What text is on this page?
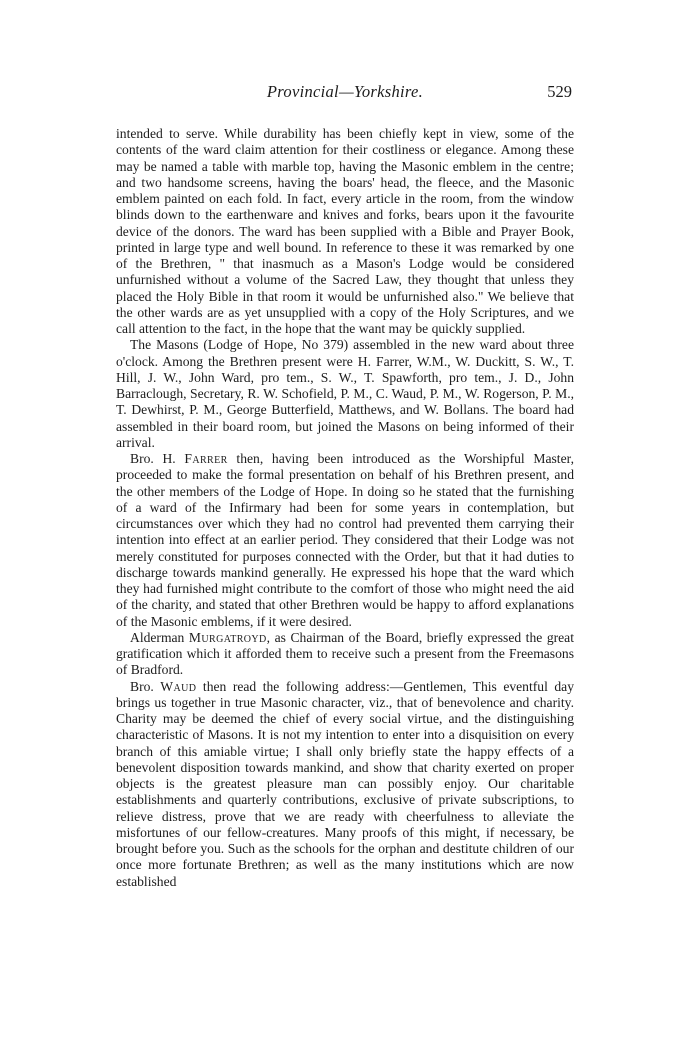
Provincial—Yorkshire.	529

intended to serve. While durability has been chiefly kept in view, some of the contents of the ward claim attention for their costliness or elegance. Among these may be named a table with marble top, having the Masonic emblem in the centre; and two handsome screens, having the boars' head, the fleece, and the Masonic emblem painted on each fold. In fact, every article in the room, from the window blinds down to the earthenware and knives and forks, bears upon it the favourite device of the donors. The ward has been supplied with a Bible and Prayer Book, printed in large type and well bound. In reference to these it was remarked by one of the Brethren, " that inasmuch as a Mason's Lodge would be considered unfurnished without a volume of the Sacred Law, they thought that unless they placed the Holy Bible in that room it would be unfurnished also." We believe that the other wards are as yet unsupplied with a copy of the Holy Scriptures, and we call attention to the fact, in the hope that the want may be quickly supplied.

The Masons (Lodge of Hope, No 379) assembled in the new ward about three o'clock. Among the Brethren present were H. Farrer, W.M., W. Duckitt, S. W., T. Hill, J. W., John Ward, pro tem., S. W., T. Spawforth, pro tem., J. D., John Barraclough, Secretary, R. W. Schofield, P. M., C. Waud, P. M., W. Rogerson, P. M., T. Dewhirst, P. M., George Butterfield, Matthews, and W. Bollans. The board had assembled in their board room, but joined the Masons on being informed of their arrival.

Bro. H. Farrer then, having been introduced as the Worshipful Master, proceeded to make the formal presentation on behalf of his Brethren present, and the other members of the Lodge of Hope. In doing so he stated that the furnishing of a ward of the Infirmary had been for some years in contemplation, but circumstances over which they had no control had prevented them carrying their intention into effect at an earlier period. They considered that their Lodge was not merely constituted for purposes connected with the Order, but that it had duties to discharge towards mankind generally. He expressed his hope that the ward which they had furnished might contribute to the comfort of those who might need the aid of the charity, and stated that other Brethren would be happy to afford explanations of the Masonic emblems, if it were desired.

Alderman Murgatroyd, as Chairman of the Board, briefly expressed the great gratification which it afforded them to receive such a present from the Freemasons of Bradford.

Bro. Waud then read the following address:—Gentlemen, This eventful day brings us together in true Masonic character, viz., that of benevolence and charity. Charity may be deemed the chief of every social virtue, and the distinguishing characteristic of Masons. It is not my intention to enter into a disquisition on every branch of this amiable virtue; I shall only briefly state the happy effects of a benevolent disposition towards mankind, and show that charity exerted on proper objects is the greatest pleasure man can possibly enjoy. Our charitable establishments and quarterly contributions, exclusive of private subscriptions, to relieve distress, prove that we are ready with cheerfulness to alleviate the misfortunes of our fellow-creatures. Many proofs of this might, if necessary, be brought before you. Such as the schools for the orphan and destitute children of our once more fortunate Brethren; as well as the many institutions which are now established
